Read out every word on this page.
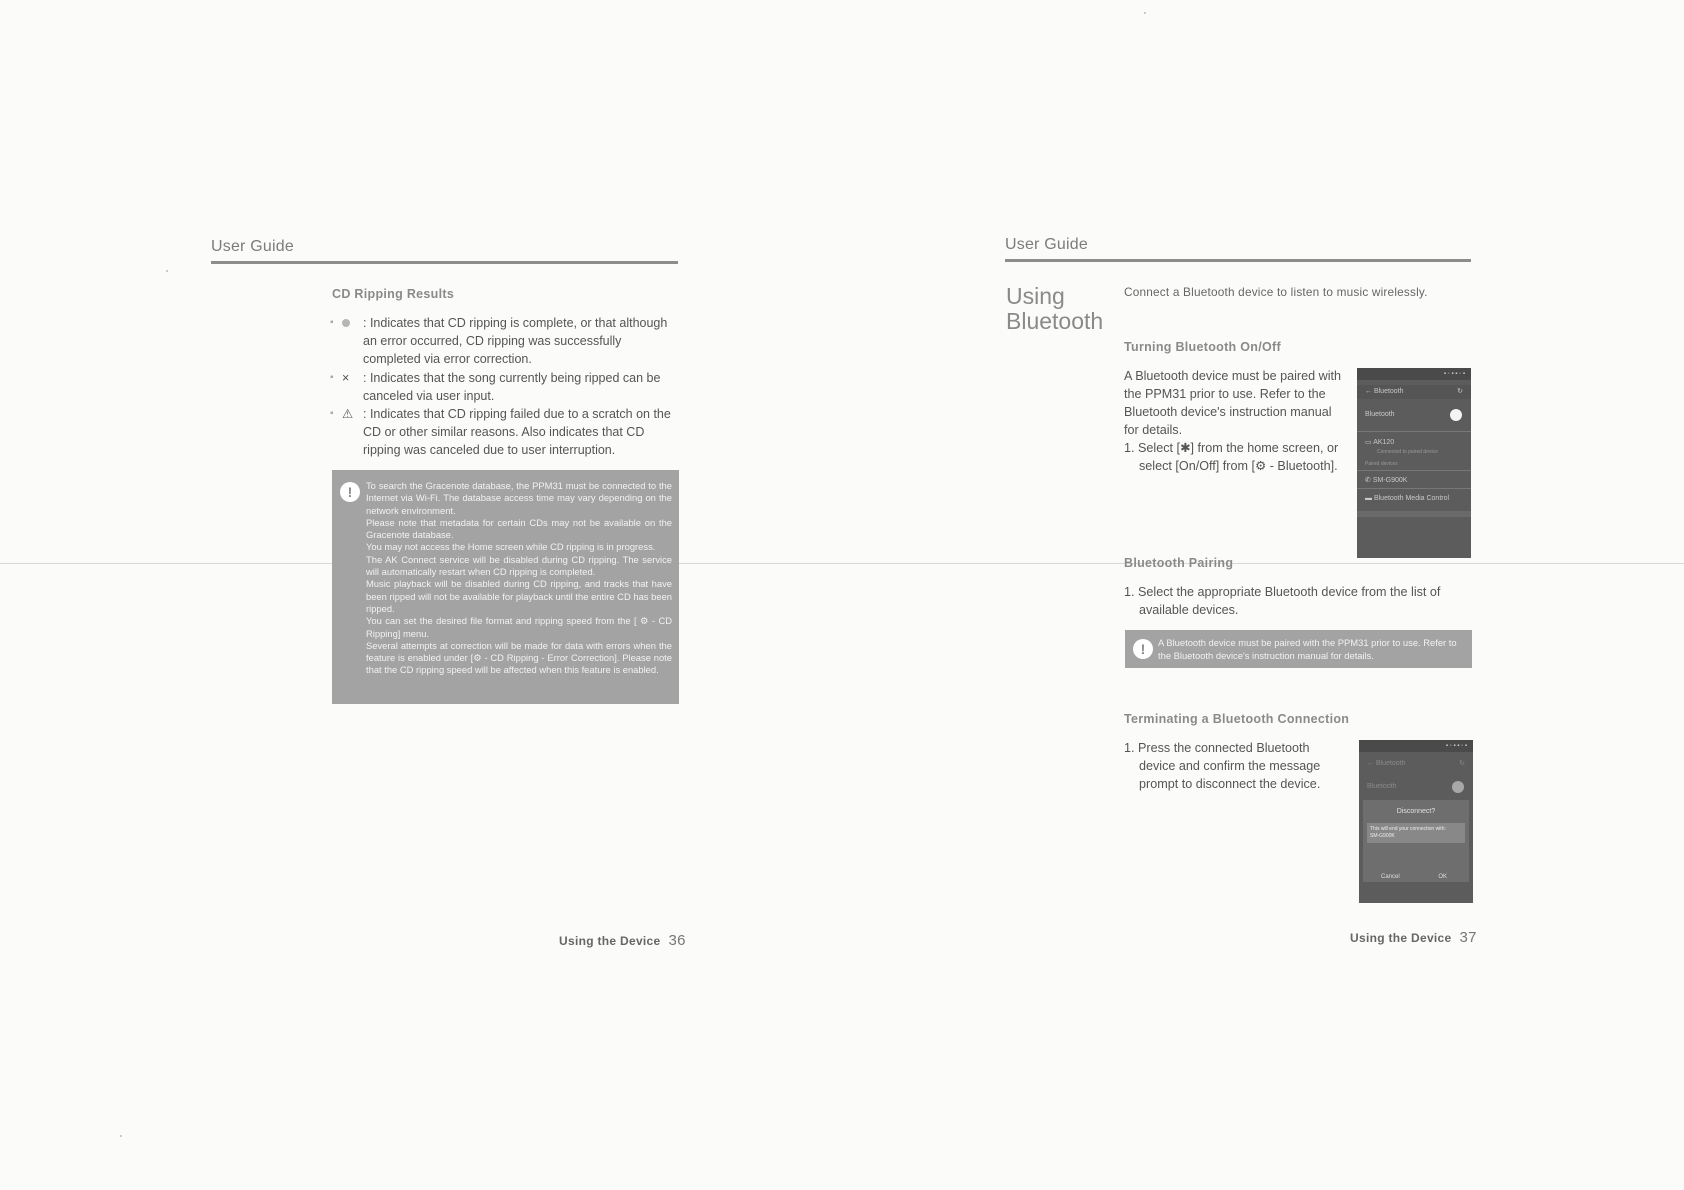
User Guide
CD Ripping Results
▪ : Indicates that CD ripping is complete, or that although an error occurred, CD ripping was successfully completed via error correction.
▪ × : Indicates that the song currently being ripped can be canceled via user input.
▪ ⚠ : Indicates that CD ripping failed due to a scratch on the CD or other similar reasons. Also indicates that CD ripping was canceled due to user interruption.
!	To search the Gracenote database, the PPM31 must be connected to the Internet via Wi-Fi. The database access time may vary depending on the network environment.

Please note that metadata for certain CDs may not be available on the Gracenote database.

You may not access the Home screen while CD ripping is in progress.

The AK Connect service will be disabled during CD ripping. The service will automatically restart when CD ripping is completed.

Music playback will be disabled during CD ripping, and tracks that have been ripped will not be available for playback until the entire CD has been ripped.

You can set the desired file format and ripping speed from the [ ⚙ - CD Ripping] menu.

Several attempts at correction will be made for data with errors when the feature is enabled under [⚙ - CD Ripping - Error Correction]. Please note that the CD ripping speed will be affected when this feature is enabled.

Using the Device 36
User Guide
Using Bluetooth
Connect a Bluetooth device to listen to music wirelessly.
Turning Bluetooth On/Off

A Bluetooth device must be paired with the PPM31 prior to use. Refer to the Bluetooth device's instruction manual for details.

1. Select [✱] from the home screen, or select [On/Off] from [⚙ - Bluetooth].

▪ ◦ ▪ ▪ ◦ ▪
← Bluetooth	↻
Bluetooth
▭ AK120
Connected to paired device
Paired devices
✆ SM-G900K
▬ Bluetooth Media Control
Bluetooth Pairing

1. Select the appropriate Bluetooth device from the list of available devices.

!	A Bluetooth device must be paired with the PPM31 prior to use. Refer to the Bluetooth device's instruction manual for details.
Terminating a Bluetooth Connection

1. Press the connected Bluetooth device and confirm the message prompt to disconnect the device.

▪ ◦ ▪ ▪ ◦ ▪
← Bluetooth	↻
Bluetooth
Disconnect?
This will end your connection with:
SM-G900K
Cancel	OK
Using the Device 37
